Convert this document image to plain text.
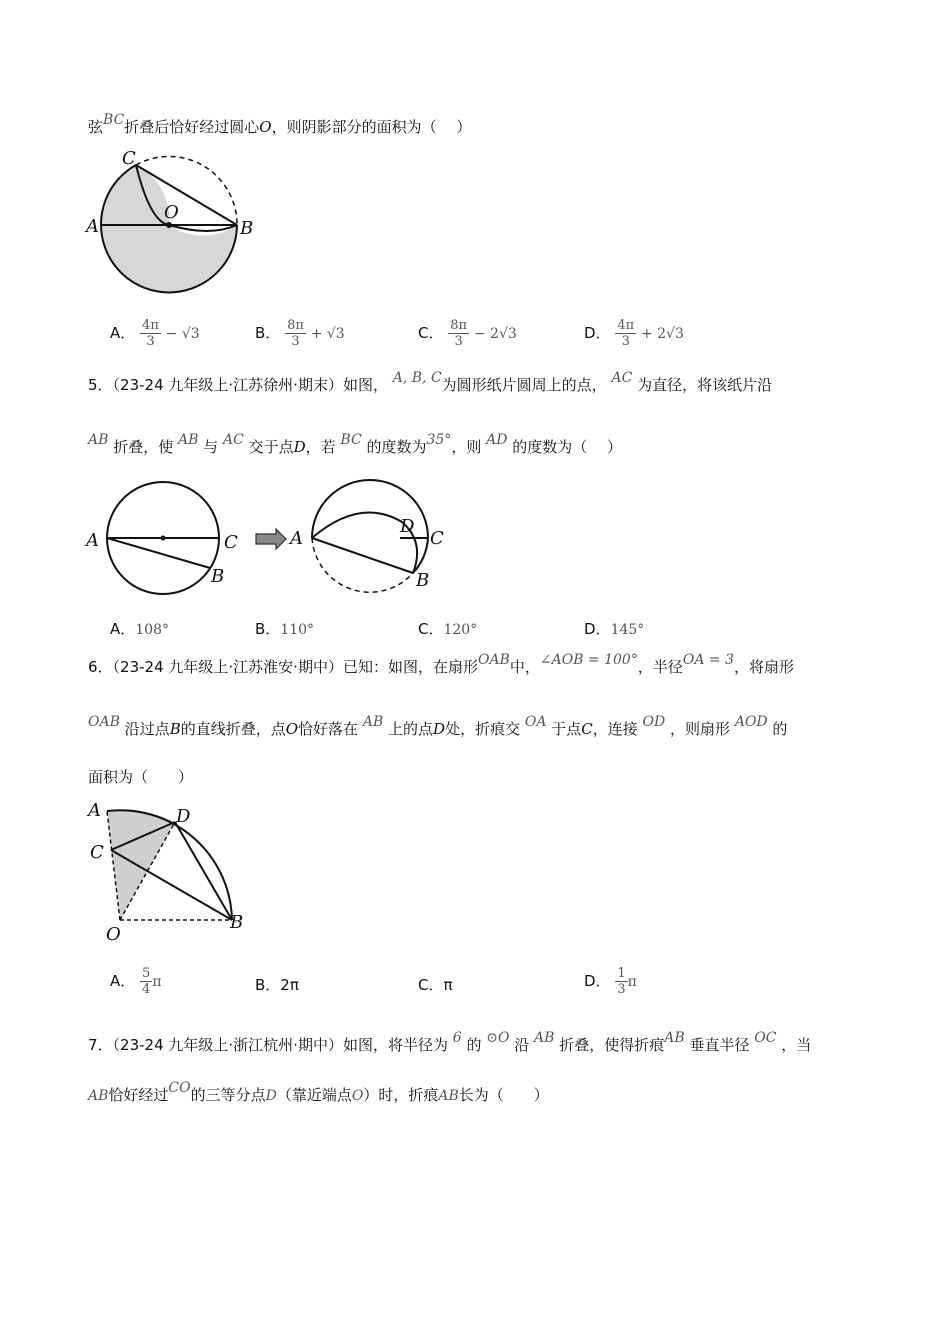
弦BC折叠后恰好经过圆心O，则阴影部分的面积为（　 ）
C
O
A	B
A． $\frac{4\pi}{3} - √3$	B． $\frac{8\pi}{3} + √3$	C． $\frac{8\pi}{3} - 2√3$	D． $\frac{4\pi}{3} + 2√3$
5．（23-24 九年级上·江苏徐州·期末）如图， A, B, C为圆形纸片圆周上的点， AC 为直径，将该纸片沿
AB 折叠，使 AB 与 AC 交于点D，若 BC 的度数为35°，则 AD 的度数为（　 ）
A	C
B
A
D
C
B
A．108°	B．110°	C．120°	D．145°
6．（23-24 九年级上·江苏淮安·期中）已知：如图，在扇形OAB中，∠AOB = 100°，半径OA = 3，将扇形
OAB 沿过点B的直线折叠，点O恰好落在 AB 上的点D处，折痕交 OA 于点C，连接 OD ，则扇形 AOD 的
面积为（　　）
A	D
C
O
B
A． $\frac{5}{4}$ π	B．2π	C．π	D． $\frac{1}{3}$ π
7．（23-24 九年级上·浙江杭州·期中）如图，将半径为 6 的 ⊙O 沿 AB 折叠，使得折痕AB 垂直半径 OC ，当
AB恰好经过CO的三等分点D（靠近端点O）时，折痕AB长为（　　）
